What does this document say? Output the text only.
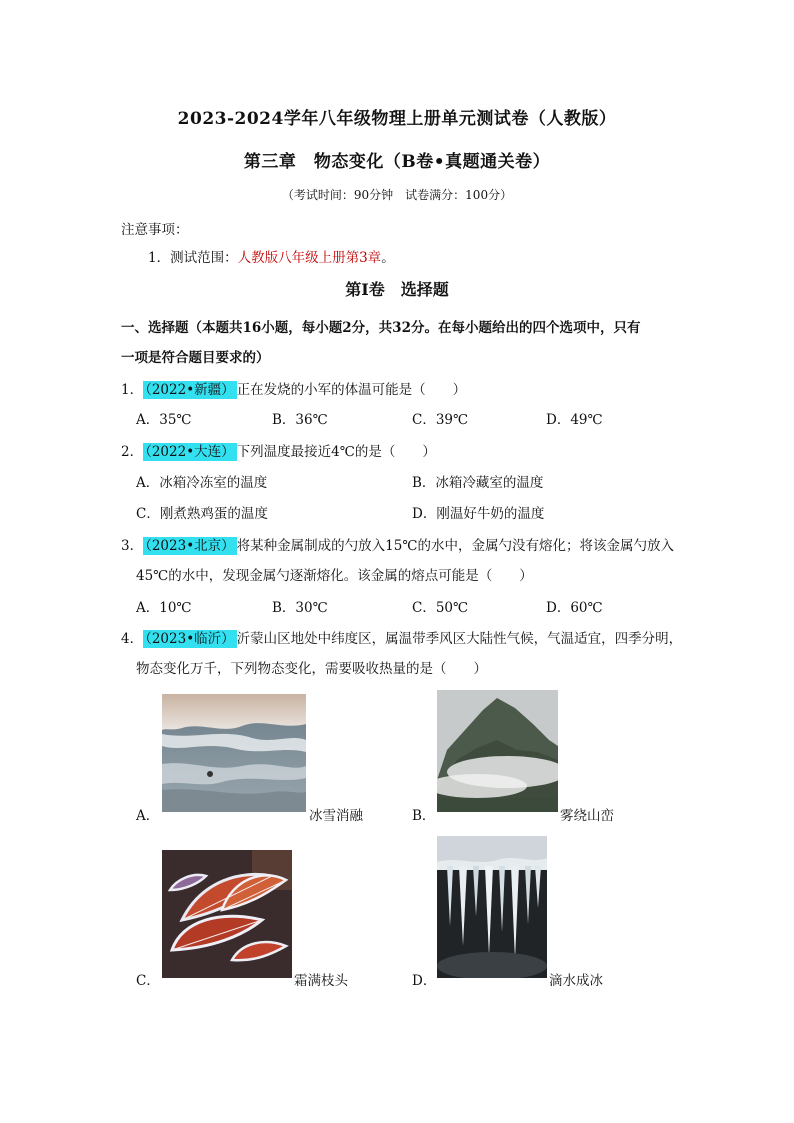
2023-2024学年八年级物理上册单元测试卷（人教版）
第三章　物态变化（B卷•真题通关卷）
（考试时间：90分钟　试卷满分：100分）
注意事项：
1．测试范围：人教版八年级上册第3章。
第Ⅰ卷　选择题
一、选择题（本题共16小题，每小题2分，共32分。在每小题给出的四个选项中，只有
一项是符合题目要求的）
1． （2022•新疆） 正在发烧的小军的体温可能是（　　）
A．35℃	B．36℃	C．39℃	D．49℃
2． （2022•大连） 下列温度最接近4℃的是（　　）
A．冰箱冷冻室的温度	B．冰箱冷藏室的温度
C．刚煮熟鸡蛋的温度	D．刚温好牛奶的温度
3． （2023•北京） 将某种金属制成的勺放入15℃的水中，金属勺没有熔化；将该金属勺放入
45℃的水中，发现金属勺逐渐熔化。该金属的熔点可能是（　　）
A．10℃	B．30℃	C．50℃	D．60℃
4． （2023•临沂） 沂蒙山区地处中纬度区，属温带季风区大陆性气候，气温适宜，四季分明，
物态变化万千，下列物态变化，需要吸收热量的是（　　）
A．	冰雪消融	B．	雾绕山峦
C．	霜满枝头	D．	滴水成冰
